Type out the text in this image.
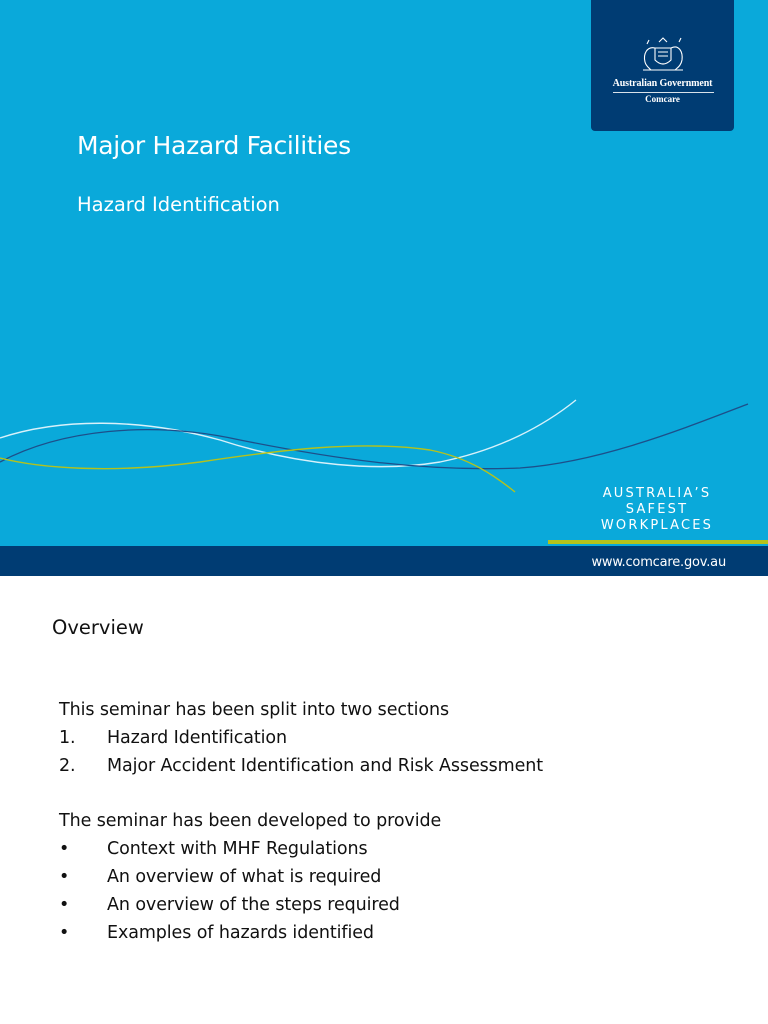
Australian Government
Comcare
Major Hazard Facilities
Hazard Identification
AUSTRALIA’S
SAFEST
WORKPLACES
www.comcare.gov.au
Overview

This seminar has been split into two sections

1. Hazard Identification
2. Major Accident Identification and Risk Assessment

The seminar has been developed to provide

• Context with MHF Regulations
• An overview of what is required
• An overview of the steps required
• Examples of hazards identified
